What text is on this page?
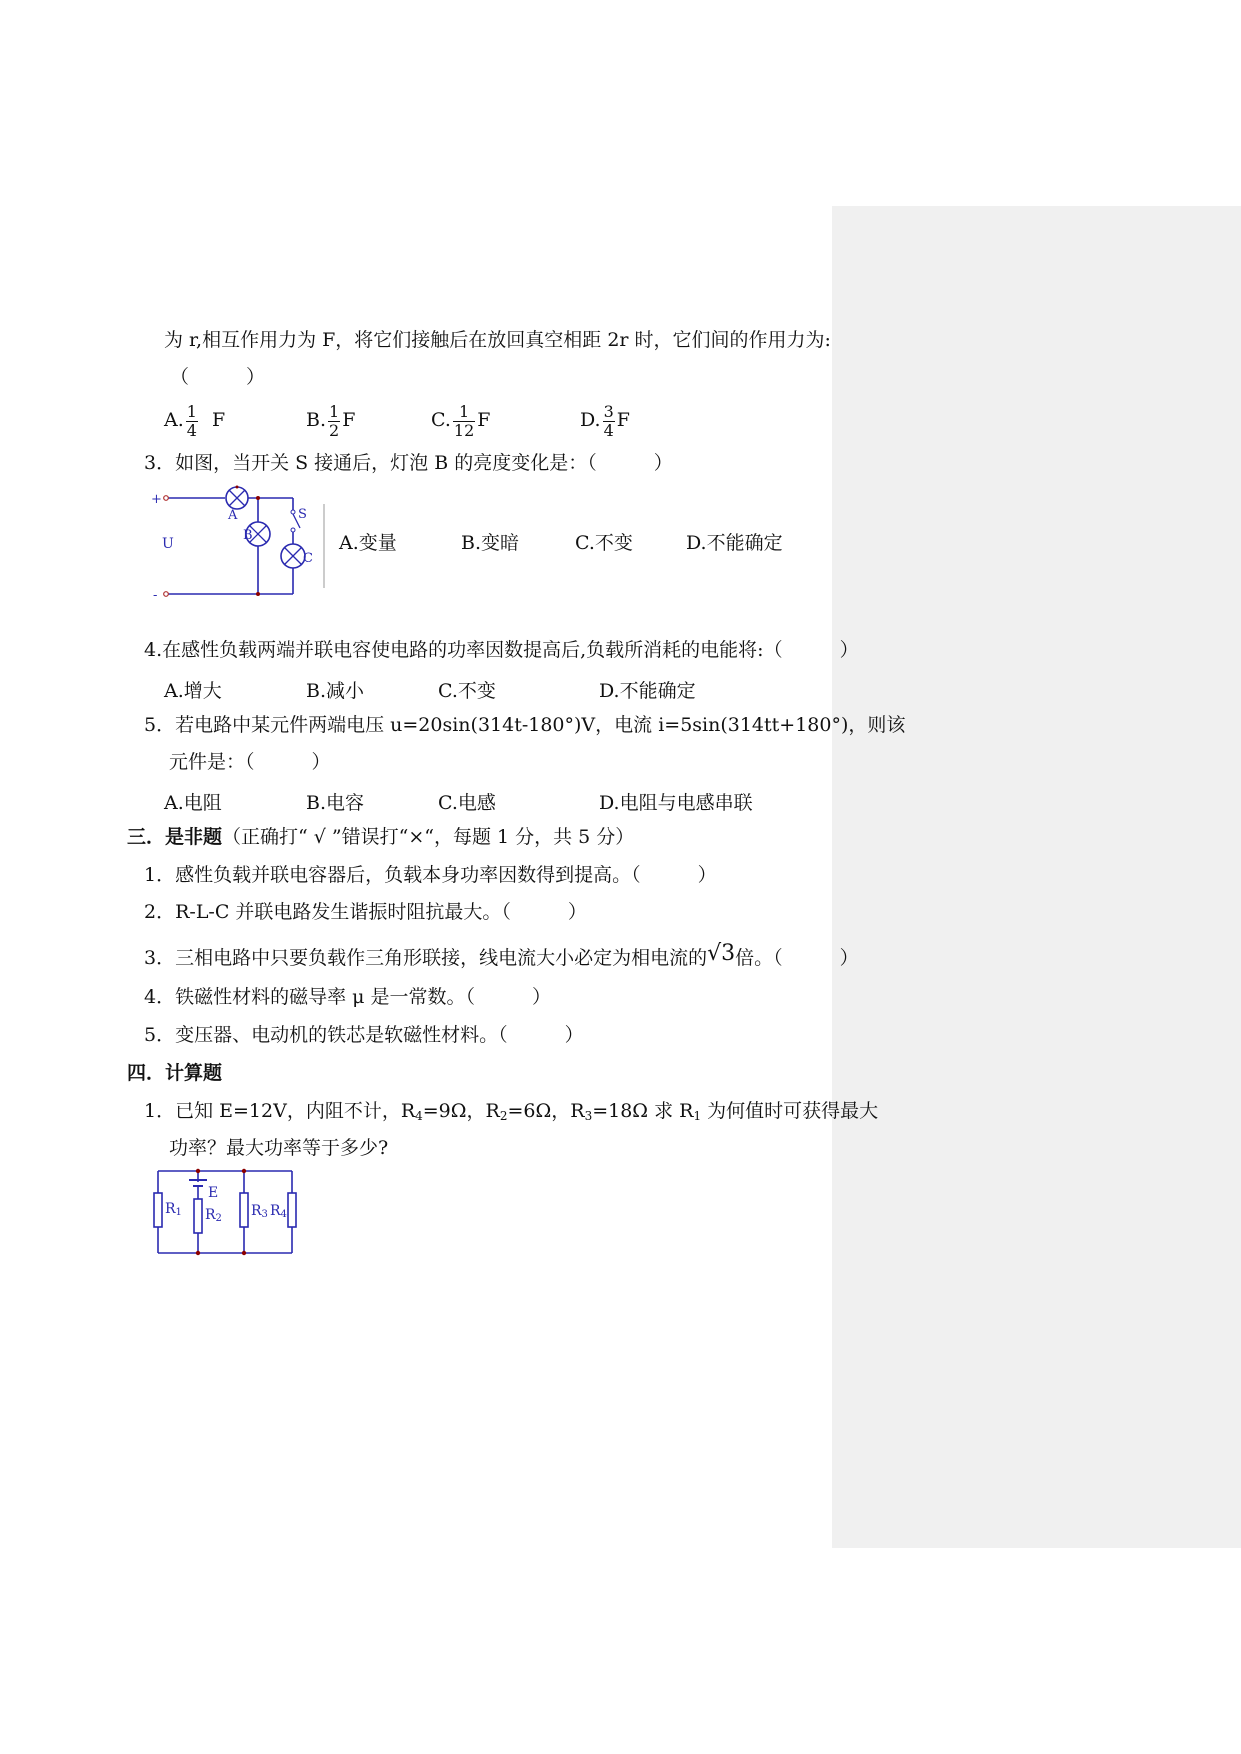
为 r,相互作用力为 F，将它们接触后在放回真空相距 2r 时，它们间的作用力为:
（　　　）
A. $\frac{1}{4}$ F	B. $\frac{1}{2}$ F	C. $\frac{1}{12}$ F	D. $\frac{3}{4}$ F
3．如图，当开关 S 接通后，灯泡 B 的亮度变化是：（　　　）
+
-
U
A
B
C
S
A.变量	B.变暗	C.不变	D.不能确定
4.在感性负载两端并联电容使电路的功率因数提高后,负载所消耗的电能将:（　　　）
A.增大	B.减小	C.不变	D.不能确定
5．若电路中某元件两端电压 u=20sin(314t-180°)V，电流 i=5sin(314tt+180°)，则该
元件是：（　　　）
A.电阻	B.电容	C.电感	D.电阻与电感串联
三．是非题（正确打“ √ ”错误打“×“，每题 1 分，共 5 分）
1．感性负载并联电容器后，负载本身功率因数得到提高。（　　　）
2．R-L-C 并联电路发生谐振时阻抗最大。（　　　）
3．三相电路中只要负载作三角形联接，线电流大小必定为相电流的√3倍。（　　　）
4．铁磁性材料的磁导率 μ 是一常数。（　　　）
5．变压器、电动机的铁芯是软磁性材料。（　　　）
四．计算题
1．已知 E=12V，内阻不计，$R_4=9\Omega$，$R_2=6\Omega$，$R_3=18\Omega$ 求 $R_1$ 为何值时可获得最大
功率？最大功率等于多少?
E
R1 R2 R3 R4
